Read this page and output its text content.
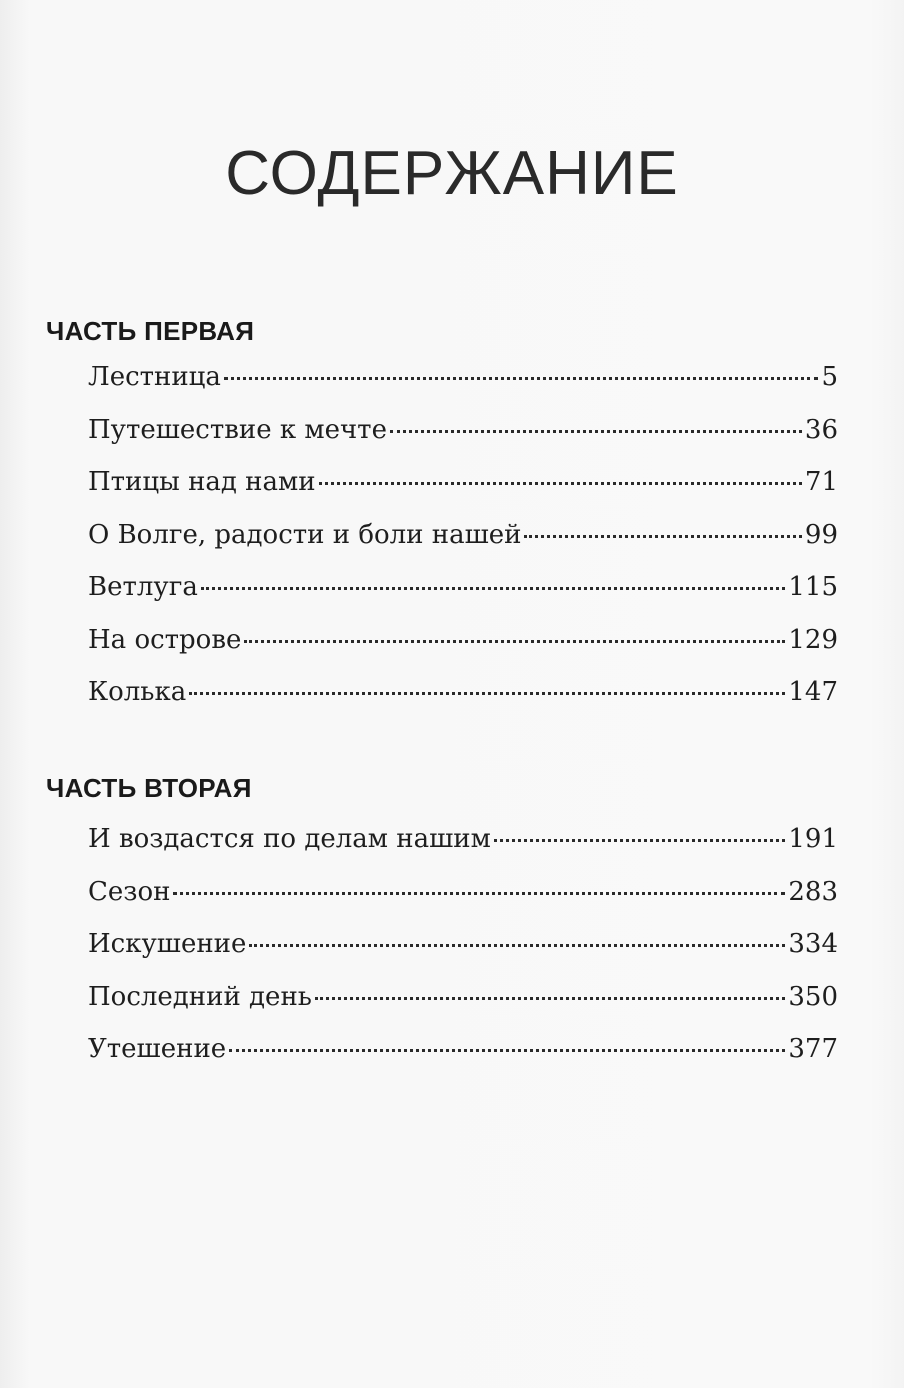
СОДЕРЖАНИЕ
ЧАСТЬ ПЕРВАЯ
Лестница	5
Путешествие к мечте	36
Птицы над нами	71
О Волге, радости и боли нашей	99
Ветлуга	115
На острове	129
Колька	147
ЧАСТЬ ВТОРАЯ
И воздастся по делам нашим	191
Сезон	283
Искушение	334
Последний день	350
Утешение	377
